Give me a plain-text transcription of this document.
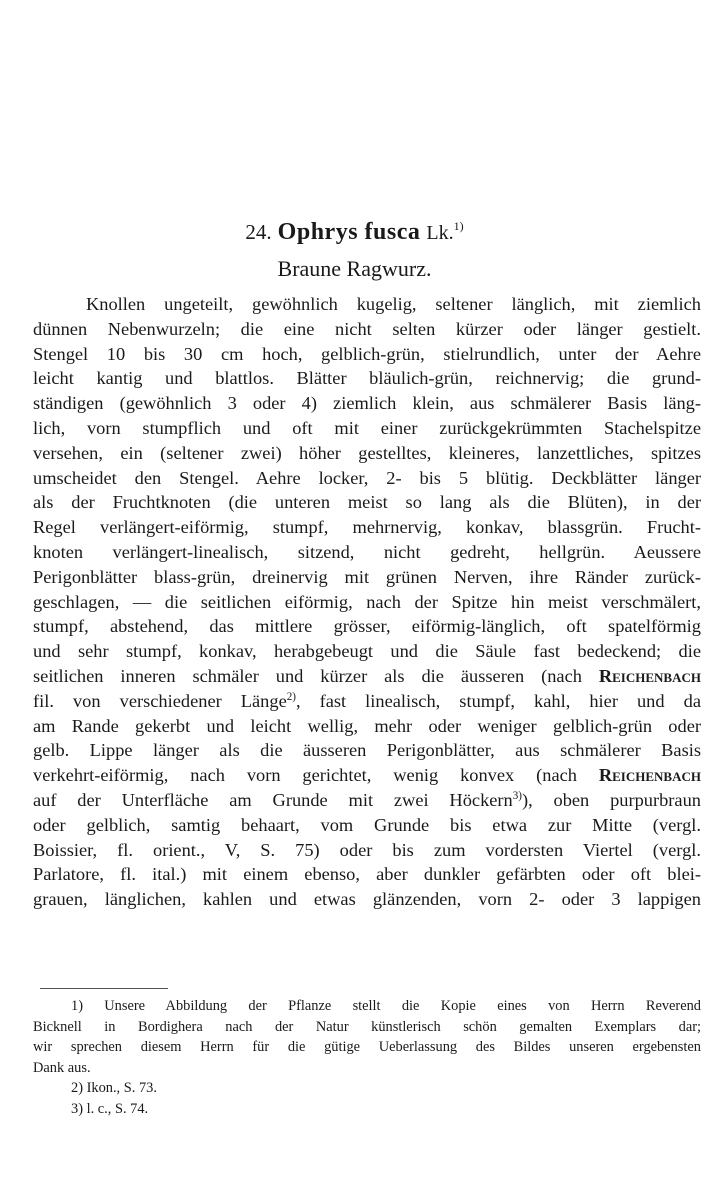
24. Ophrys fusca Lk.$^{1)}$
Braune Ragwurz.
Knollen ungeteilt, gewöhnlich kugelig, seltener länglich, mit ziemlich
dünnen Nebenwurzeln; die eine nicht selten kürzer oder länger gestielt.
Stengel 10 bis 30 cm hoch, gelblich-grün, stielrundlich, unter der Aehre
leicht kantig und blattlos. Blätter bläulich-grün, reichnervig; die grund-
ständigen (gewöhnlich 3 oder 4) ziemlich klein, aus schmälerer Basis läng-
lich, vorn stumpflich und oft mit einer zurückgekrümmten Stachelspitze
versehen, ein (seltener zwei) höher gestelltes, kleineres, lanzettliches, spitzes
umscheidet den Stengel. Aehre locker, 2- bis 5 blütig. Deckblätter länger
als der Fruchtknoten (die unteren meist so lang als die Blüten), in der
Regel verlängert-eiförmig, stumpf, mehrnervig, konkav, blassgrün. Frucht-
knoten verlängert-linealisch, sitzend, nicht gedreht, hellgrün. Aeussere
Perigonblätter blass-grün, dreinervig mit grünen Nerven, ihre Ränder zurück-
geschlagen, — die seitlichen eiförmig, nach der Spitze hin meist verschmälert,
stumpf, abstehend, das mittlere grösser, eiförmig-länglich, oft spatelförmig
und sehr stumpf, konkav, herabgebeugt und die Säule fast bedeckend; die
seitlichen inneren schmäler und kürzer als die äusseren (nach Reichenbach
fil. von verschiedener Länge$^{2)}$, fast linealisch, stumpf, kahl, hier und da
am Rande gekerbt und leicht wellig, mehr oder weniger gelblich-grün oder
gelb. Lippe länger als die äusseren Perigonblätter, aus schmälerer Basis
verkehrt-eiförmig, nach vorn gerichtet, wenig konvex (nach Reichenbach
auf der Unterfläche am Grunde mit zwei Höckern$^{3)}$), oben purpurbraun
oder gelblich, samtig behaart, vom Grunde bis etwa zur Mitte (vergl.
Boissier, fl. orient., V, S. 75) oder bis zum vordersten Viertel (vergl.
Parlatore, fl. ital.) mit einem ebenso, aber dunkler gefärbten oder oft blei-
grauen, länglichen, kahlen und etwas glänzenden, vorn 2- oder 3 lappigen
1) Unsere Abbildung der Pflanze stellt die Kopie eines von Herrn Reverend
Bicknell in Bordighera nach der Natur künstlerisch schön gemalten Exemplars dar;
wir sprechen diesem Herrn für die gütige Ueberlassung des Bildes unseren ergebensten
Dank aus.
2) Ikon., S. 73.
3) l. c., S. 74.
